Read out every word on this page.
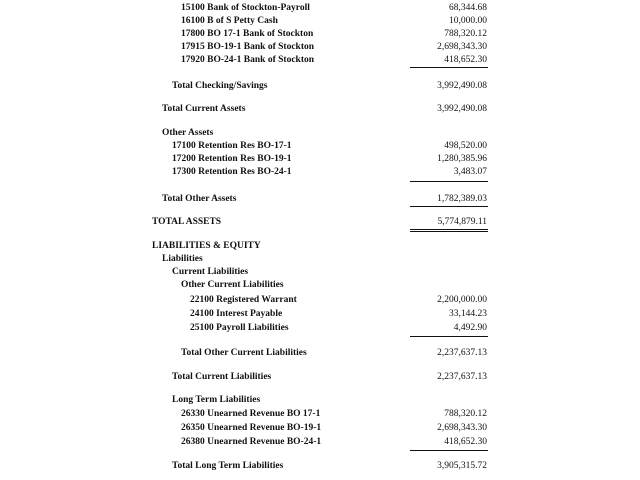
15100 Bank of Stockton-Payroll	68,344.68
16100 B of S Petty Cash	10,000.00
17800 BO 17-1 Bank of Stockton	788,320.12
17915 BO-19-1 Bank of Stockton	2,698,343.30
17920 BO-24-1 Bank of Stockton	418,652.30
Total Checking/Savings	3,992,490.08
Total Current Assets	3,992,490.08
Other Assets
17100 Retention Res BO-17-1	498,520.00
17200 Retention Res BO-19-1	1,280,385.96
17300 Retention Res BO-24-1	3,483.07
Total Other Assets	1,782,389.03
TOTAL ASSETS	5,774,879.11
LIABILITIES & EQUITY
Liabilities
Current Liabilities
Other Current Liabilities
22100 Registered Warrant	2,200,000.00
24100 Interest Payable	33,144.23
25100 Payroll Liabilities	4,492.90
Total Other Current Liabilities	2,237,637.13
Total Current Liabilities	2,237,637.13
Long Term Liabilities
26330 Unearned Revenue BO 17-1	788,320.12
26350 Unearned Revenue BO-19-1	2,698,343.30
26380 Unearned Revenue BO-24-1	418,652.30
Total Long Term Liabilities	3,905,315.72
